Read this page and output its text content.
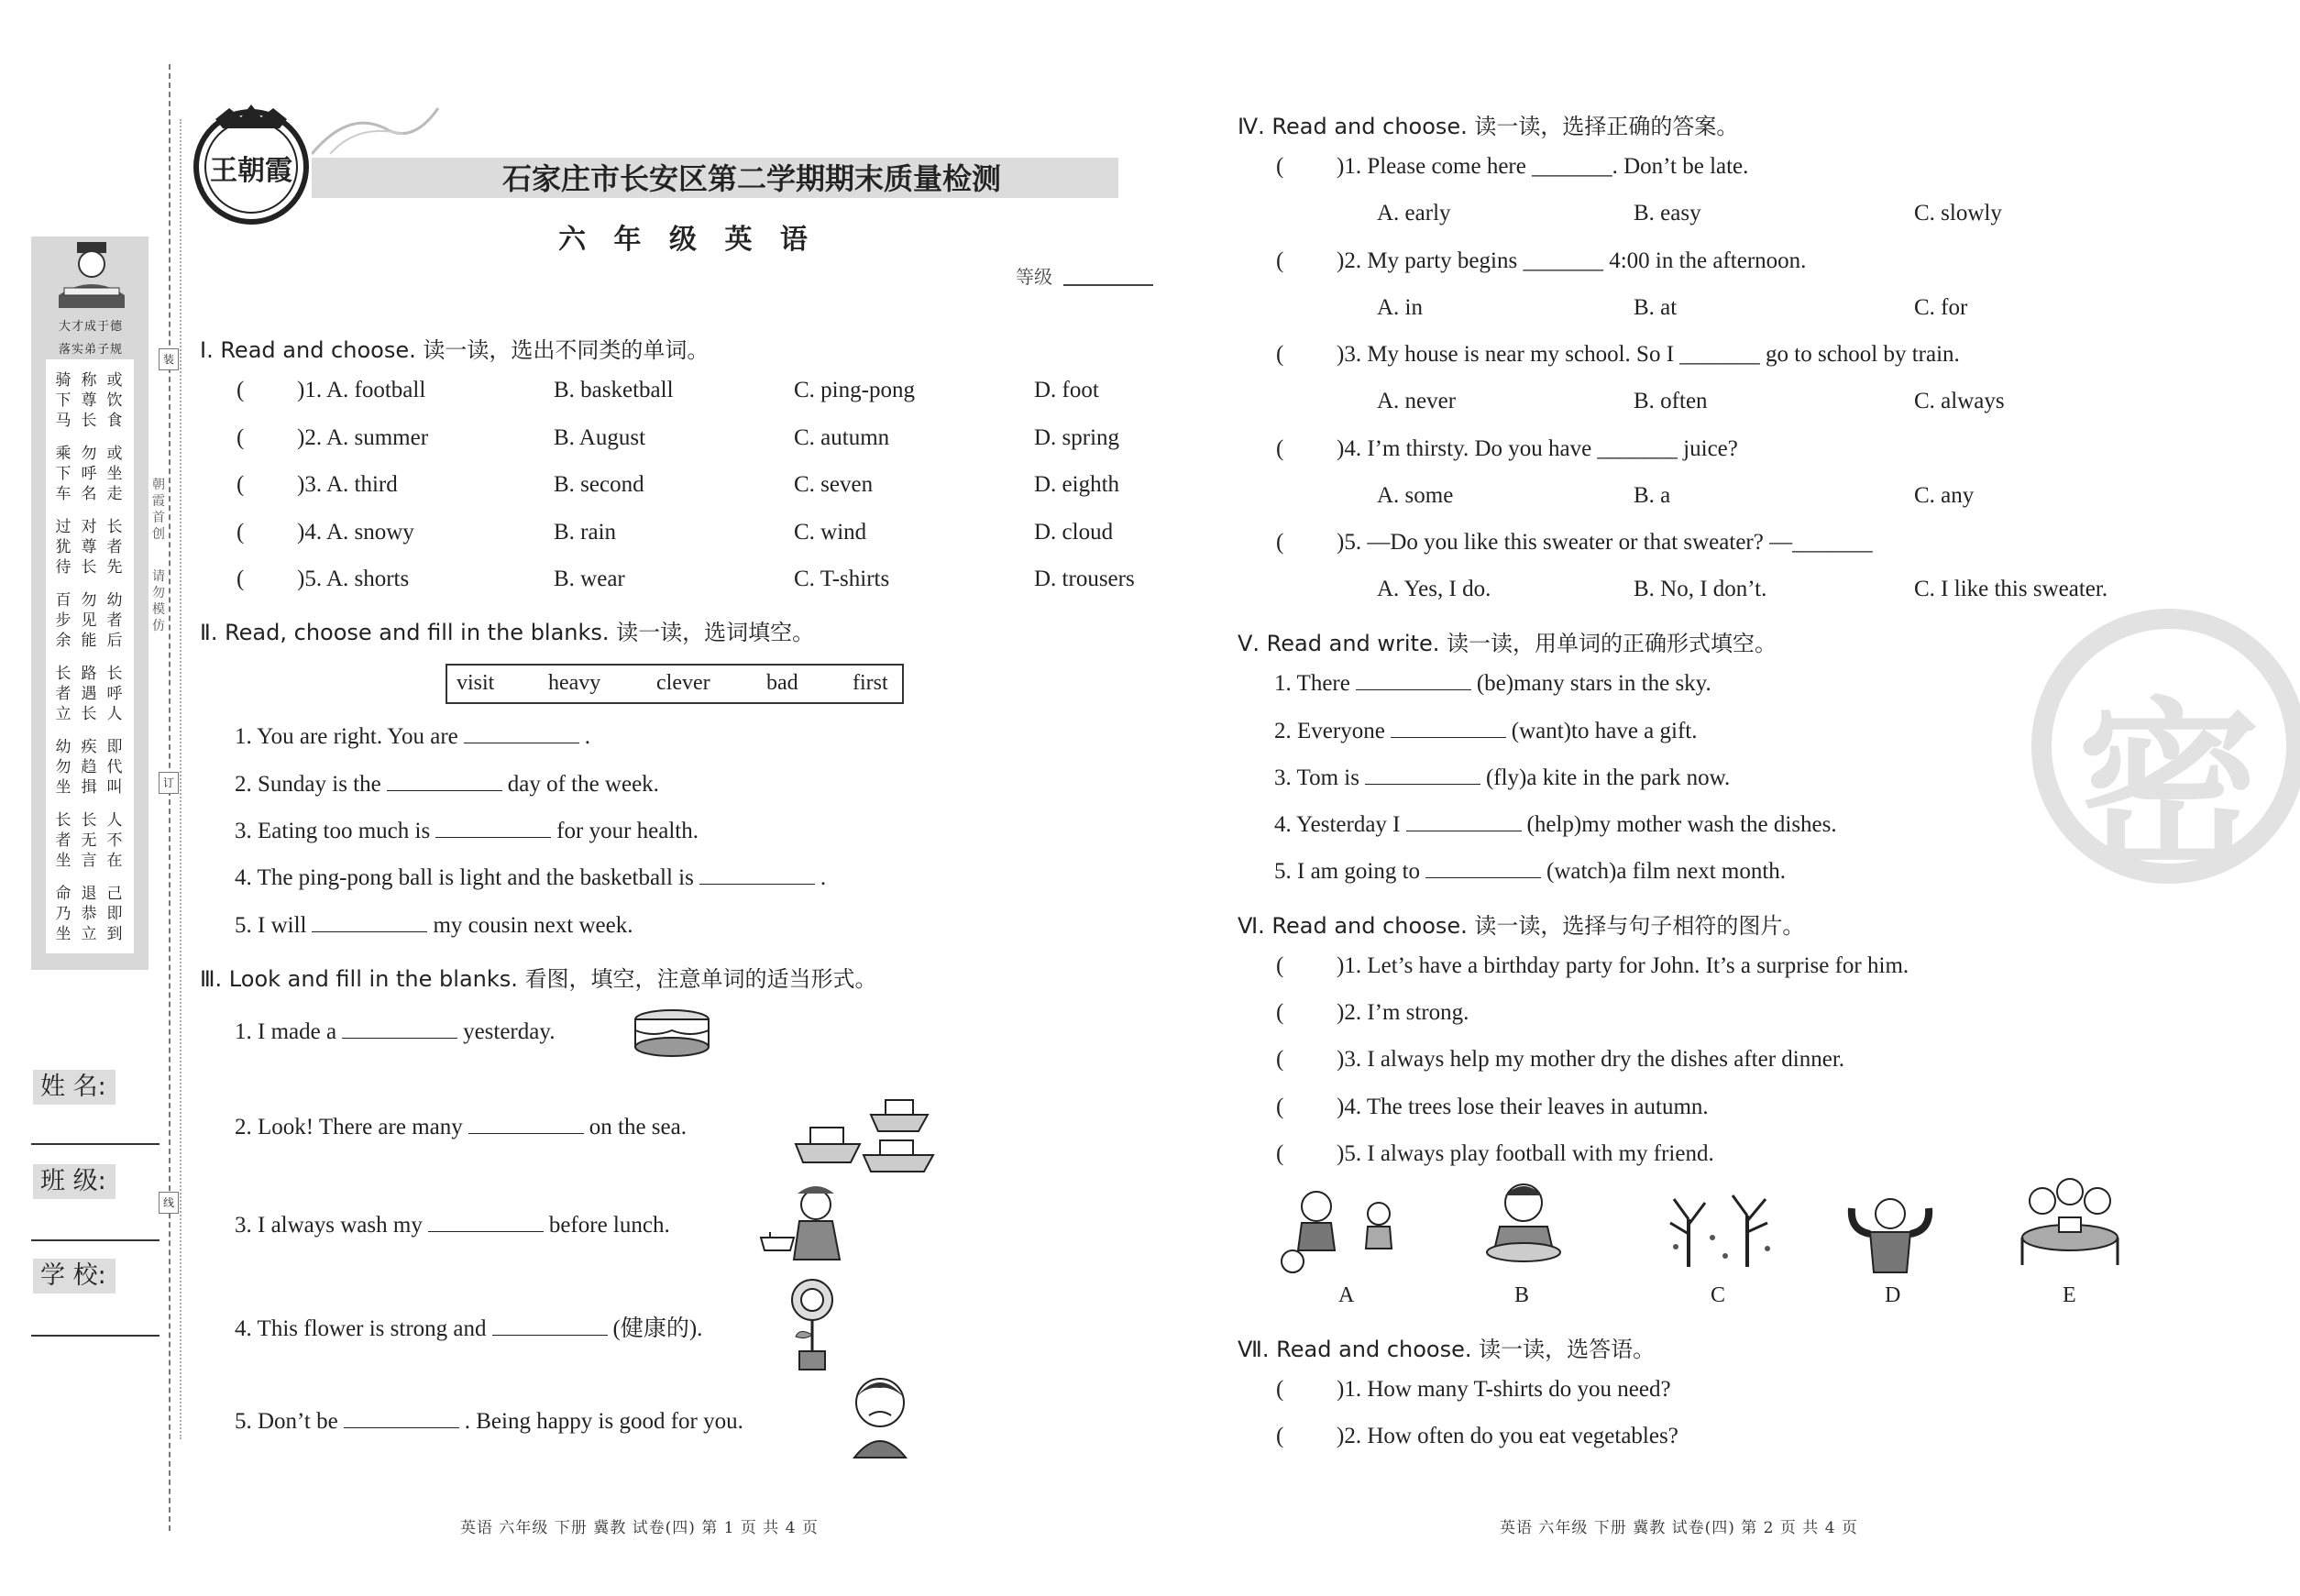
大才成于德
落实弟子规
骑下马
称尊长
或饮食
乘下车
勿呼名
或坐走
过犹待
对尊长
长者先
百步余
勿见能
幼者后
长者立
路遇长
长呼人
幼勿坐
疾趋揖
即代叫
长者坐
长无言
人不在
命乃坐
退恭立
己即到
朝霞首创
请勿模仿
装
订
线
姓 名:
班 级:
学 校:
王朝霞	石家庄市长安区第二学期期末质量检测
六 年 级 英 语
等级
Ⅰ. Read and choose. 读一读，选出不同类的单词。
( )1. A. football	B. basketball	C. ping-pong	D. foot
( )2. A. summer	B. August	C. autumn	D. spring
( )3. A. third	B. second	C. seven	D. eighth
( )4. A. snowy	B. rain	C. wind	D. cloud
( )5. A. shorts	B. wear	C. T-shirts	D. trousers
Ⅱ. Read, choose and fill in the blanks. 读一读，选词填空。
visit heavy	clever	bad first
1. You are right. You are	.
2. Sunday is the	day of the week.
3. Eating too much is	for your health.
4. The ping-pong ball is light and the basketball is	.
5. I will	my cousin next week.
Ⅲ. Look and fill in the blanks. 看图，填空，注意单词的适当形式。
1. I made a	yesterday.
2. Look! There are many	on the sea.
3. I always wash my	before lunch.
4. This flower is strong and	(健康的).
5. Don’t be	. Being happy is good for you.
Ⅳ. Read and choose. 读一读，选择正确的答案。
( )1. Please come here _______. Don’t be late.
A. early	B. easy	C. slowly
( )2. My party begins _______ 4:00 in the afternoon.
A. in	B. at	C. for
( )3. My house is near my school. So I _______ go to school by train.
A. never	B. often	C. always
( )4. I’m thirsty. Do you have _______ juice?
A. some	B. a	C. any
( )5. —Do you like this sweater or that sweater? —_______
A. Yes, I do.	B. No, I don’t.	C. I like this sweater.
Ⅴ. Read and write. 读一读，用单词的正确形式填空。
1. There	(be)many stars in the sky.
2. Everyone	(want)to have a gift.
3. Tom is	(fly)a kite in the park now.
4. Yesterday I	(help)my mother wash the dishes.
5. I am going to	(watch)a film next month.
Ⅵ. Read and choose. 读一读，选择与句子相符的图片。
( )1. Let’s have a birthday party for John. It’s a surprise for him.
( )2. I’m strong.
( )3. I always help my mother dry the dishes after dinner.
( )4. The trees lose their leaves in autumn.
( )5. I always play football with my friend.
A	B	C	D	E
Ⅶ. Read and choose. 读一读，选答语。
( )1. How many T-shirts do you need?
( )2. How often do you eat vegetables?
密
英语 六年级 下册 冀教 试卷(四) 第 1 页 共 4 页	英语 六年级 下册 冀教 试卷(四) 第 2 页 共 4 页
